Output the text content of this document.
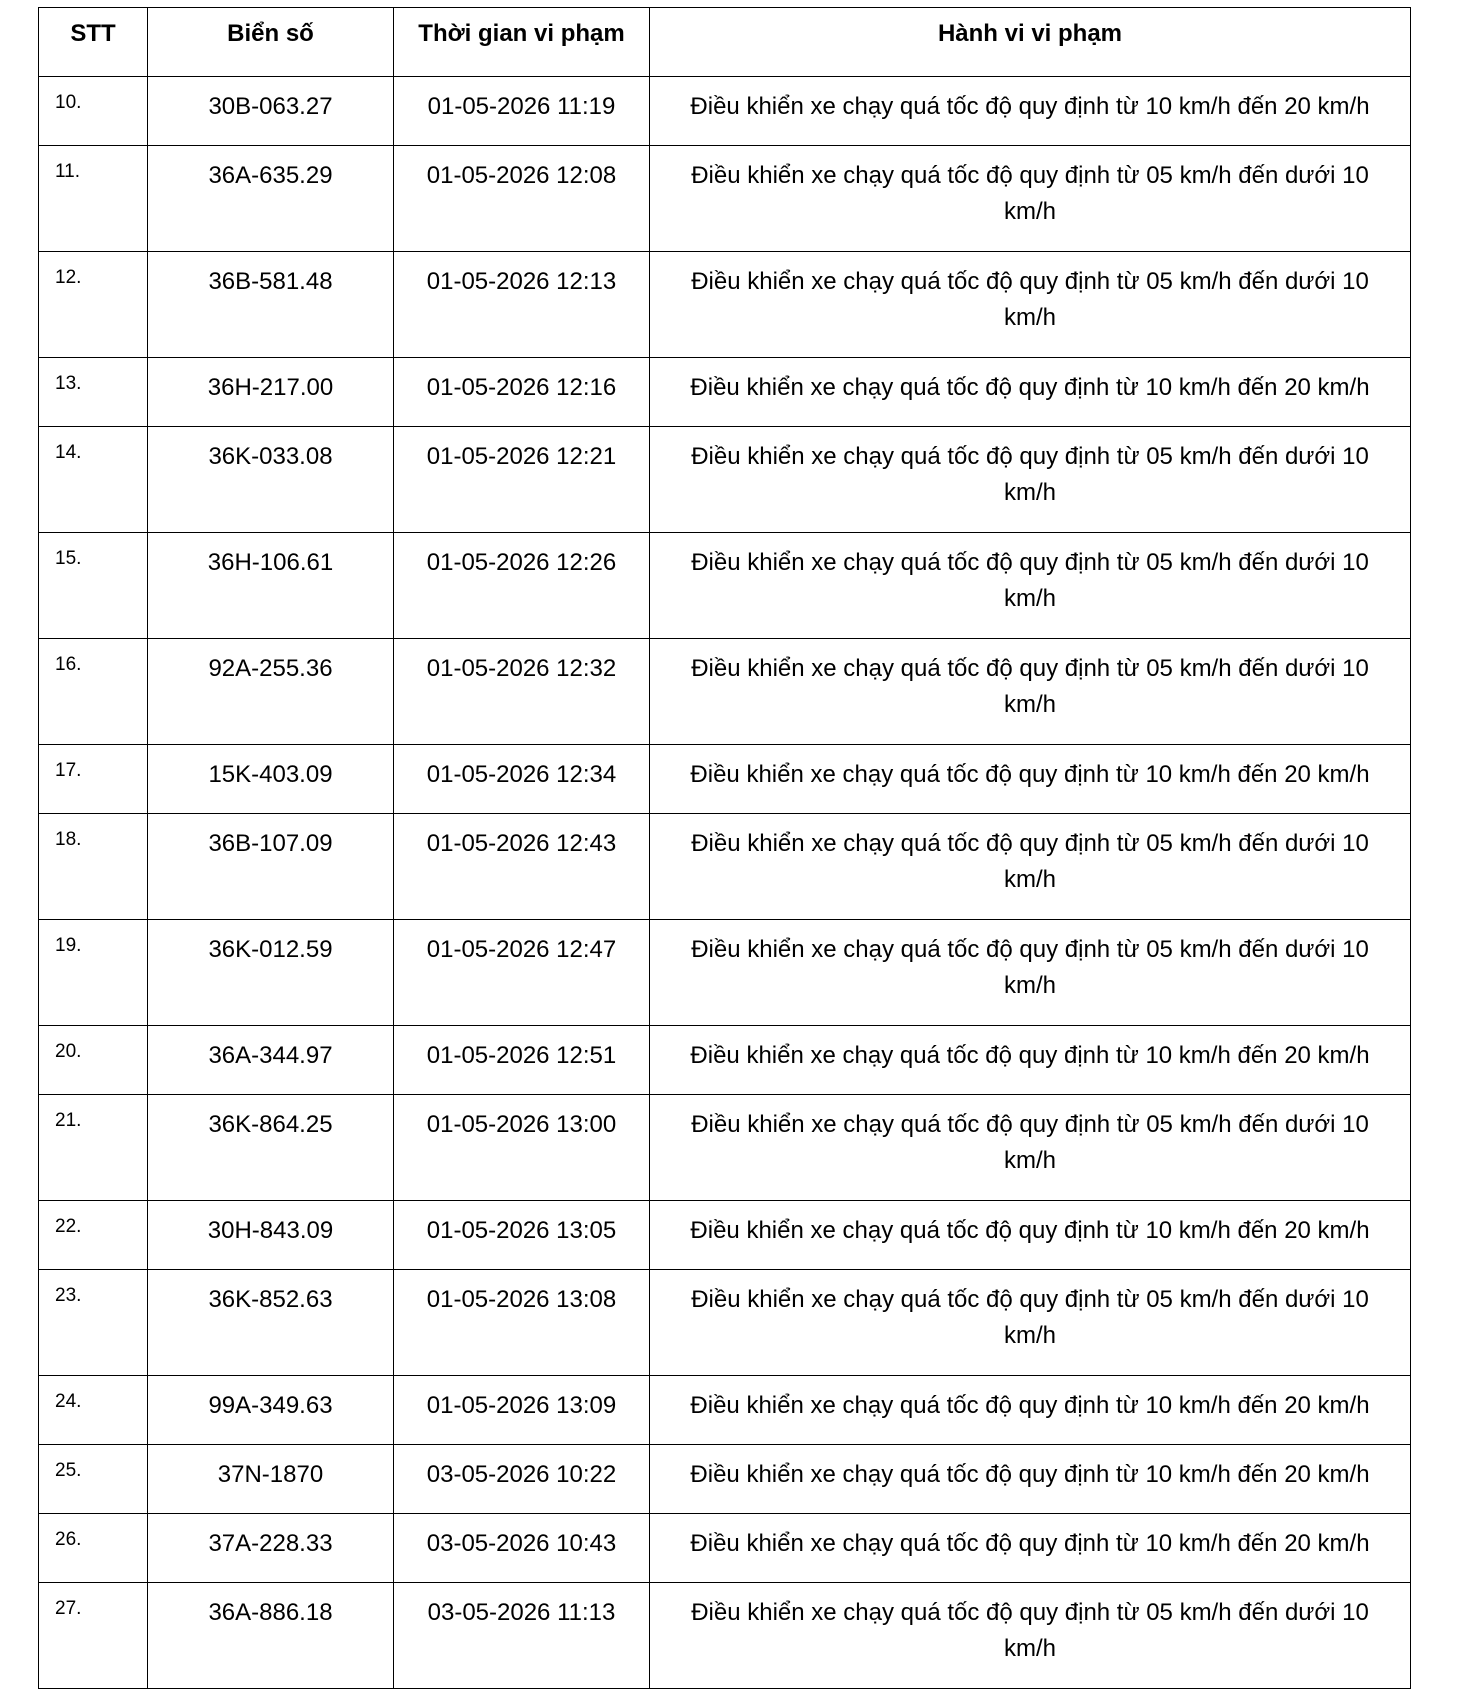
STT	Biển số	Thời gian vi phạm	Hành vi vi phạm
10.	30B-063.27	01-05-2026 11:19	Điều khiển xe chạy quá tốc độ quy định từ 10 km/h đến 20 km/h
11.	36A-635.29	01-05-2026 12:08	Điều khiển xe chạy quá tốc độ quy định từ 05 km/h đến dưới 10 km/h
12.	36B-581.48	01-05-2026 12:13	Điều khiển xe chạy quá tốc độ quy định từ 05 km/h đến dưới 10 km/h
13.	36H-217.00	01-05-2026 12:16	Điều khiển xe chạy quá tốc độ quy định từ 10 km/h đến 20 km/h
14.	36K-033.08	01-05-2026 12:21	Điều khiển xe chạy quá tốc độ quy định từ 05 km/h đến dưới 10 km/h
15.	36H-106.61	01-05-2026 12:26	Điều khiển xe chạy quá tốc độ quy định từ 05 km/h đến dưới 10 km/h
16.	92A-255.36	01-05-2026 12:32	Điều khiển xe chạy quá tốc độ quy định từ 05 km/h đến dưới 10 km/h
17.	15K-403.09	01-05-2026 12:34	Điều khiển xe chạy quá tốc độ quy định từ 10 km/h đến 20 km/h
18.	36B-107.09	01-05-2026 12:43	Điều khiển xe chạy quá tốc độ quy định từ 05 km/h đến dưới 10 km/h
19.	36K-012.59	01-05-2026 12:47	Điều khiển xe chạy quá tốc độ quy định từ 05 km/h đến dưới 10 km/h
20.	36A-344.97	01-05-2026 12:51	Điều khiển xe chạy quá tốc độ quy định từ 10 km/h đến 20 km/h
21.	36K-864.25	01-05-2026 13:00	Điều khiển xe chạy quá tốc độ quy định từ 05 km/h đến dưới 10 km/h
22.	30H-843.09	01-05-2026 13:05	Điều khiển xe chạy quá tốc độ quy định từ 10 km/h đến 20 km/h
23.	36K-852.63	01-05-2026 13:08	Điều khiển xe chạy quá tốc độ quy định từ 05 km/h đến dưới 10 km/h
24.	99A-349.63	01-05-2026 13:09	Điều khiển xe chạy quá tốc độ quy định từ 10 km/h đến 20 km/h
25.	37N-1870	03-05-2026 10:22	Điều khiển xe chạy quá tốc độ quy định từ 10 km/h đến 20 km/h
26.	37A-228.33	03-05-2026 10:43	Điều khiển xe chạy quá tốc độ quy định từ 10 km/h đến 20 km/h
27.	36A-886.18	03-05-2026 11:13	Điều khiển xe chạy quá tốc độ quy định từ 05 km/h đến dưới 10 km/h
